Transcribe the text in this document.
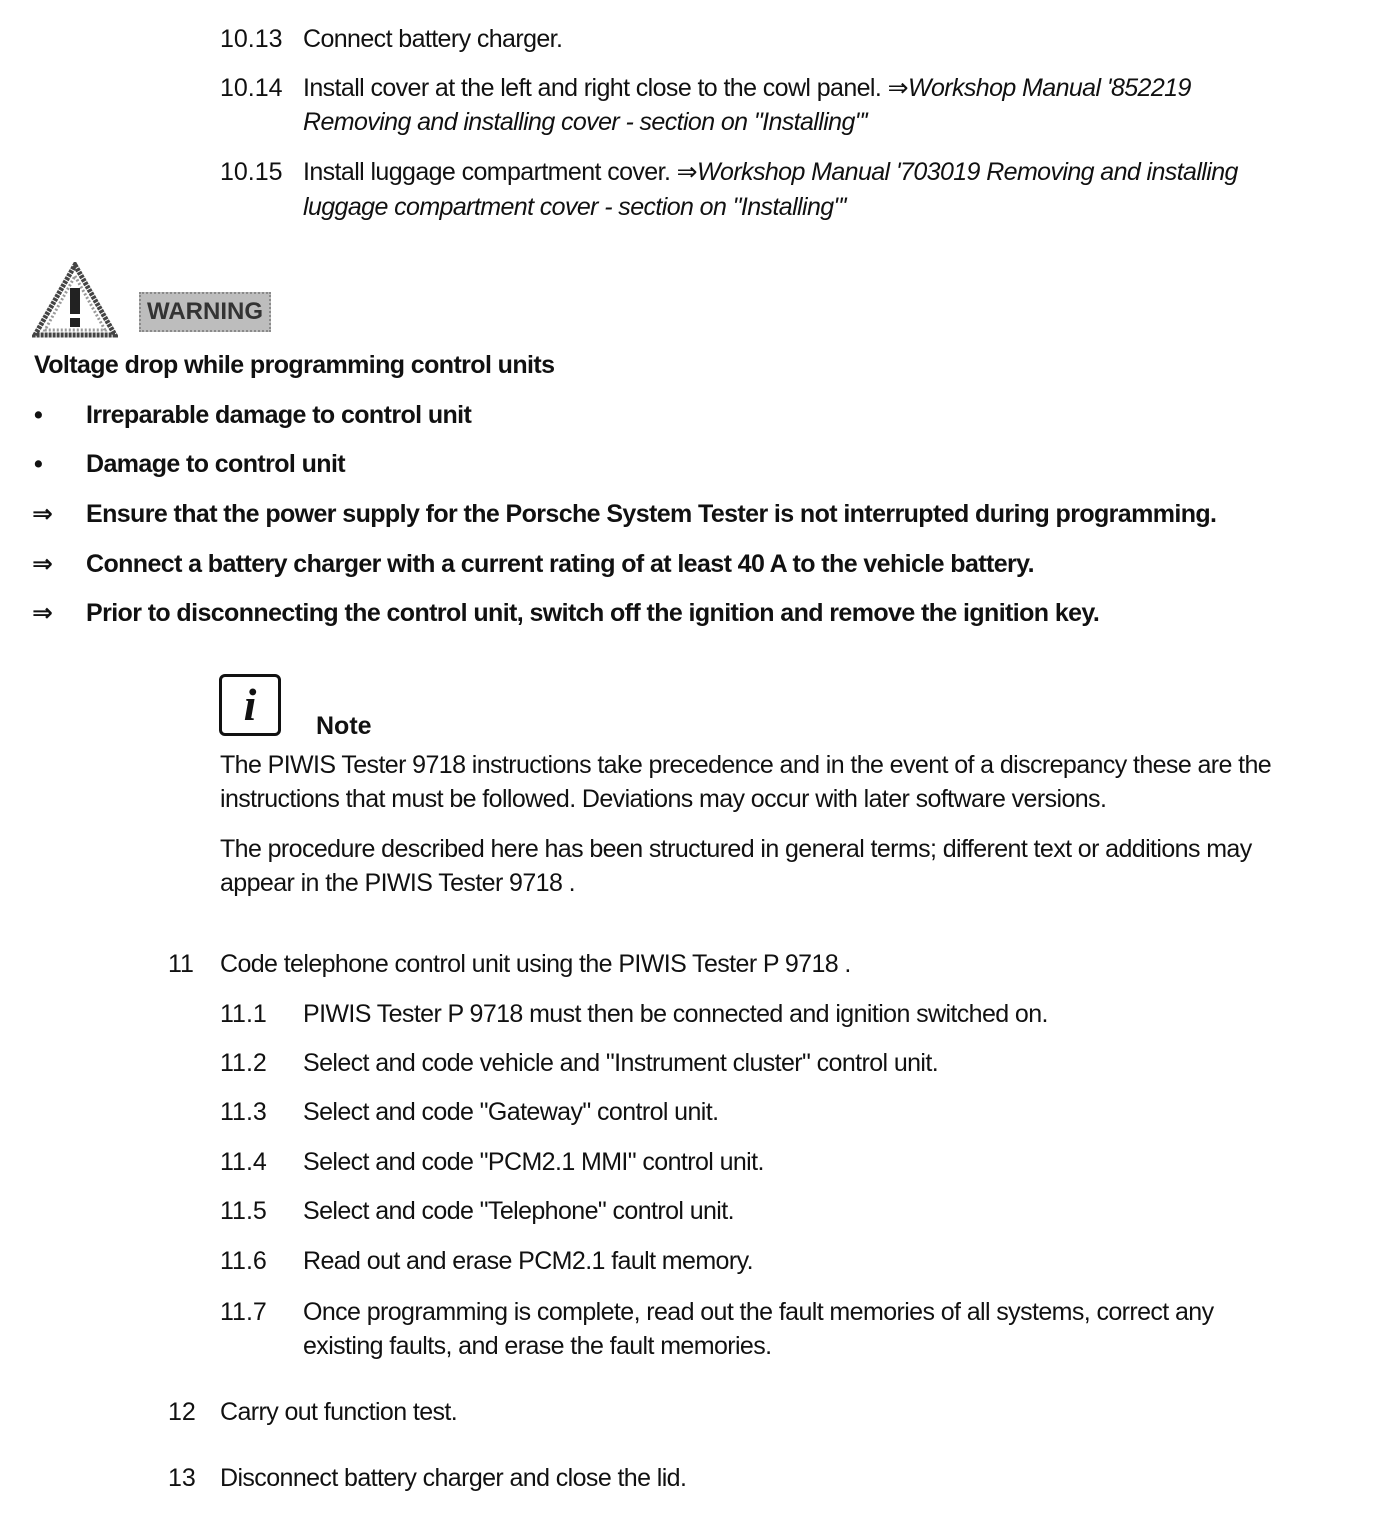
10.13 Connect battery charger.
10.14 Install cover at the left and right close to the cowl panel. ⇒Workshop Manual '852219
Removing and installing cover - section on "Installing"'
10.15 Install luggage compartment cover. ⇒Workshop Manual '703019 Removing and installing
luggage compartment cover - section on "Installing"'
WARNING
Voltage drop while programming control units
• Irreparable damage to control unit
• Damage to control unit
⇒ Ensure that the power supply for the Porsche System Tester is not interrupted during programming.
⇒ Connect a battery charger with a current rating of at least 40 A to the vehicle battery.
⇒ Prior to disconnecting the control unit, switch off the ignition and remove the ignition key.
i	Note
The PIWIS Tester 9718 instructions take precedence and in the event of a discrepancy these are the
instructions that must be followed. Deviations may occur with later software versions.
The procedure described here has been structured in general terms; different text or additions may
appear in the PIWIS Tester 9718 .
11 Code telephone control unit using the PIWIS Tester P 9718 .
11.1 PIWIS Tester P 9718 must then be connected and ignition switched on.
11.2 Select and code vehicle and "Instrument cluster" control unit.
11.3 Select and code "Gateway" control unit.
11.4 Select and code "PCM2.1 MMI" control unit.
11.5 Select and code "Telephone" control unit.
11.6 Read out and erase PCM2.1 fault memory.
11.7 Once programming is complete, read out the fault memories of all systems, correct any
existing faults, and erase the fault memories.
12 Carry out function test.
13 Disconnect battery charger and close the lid.
